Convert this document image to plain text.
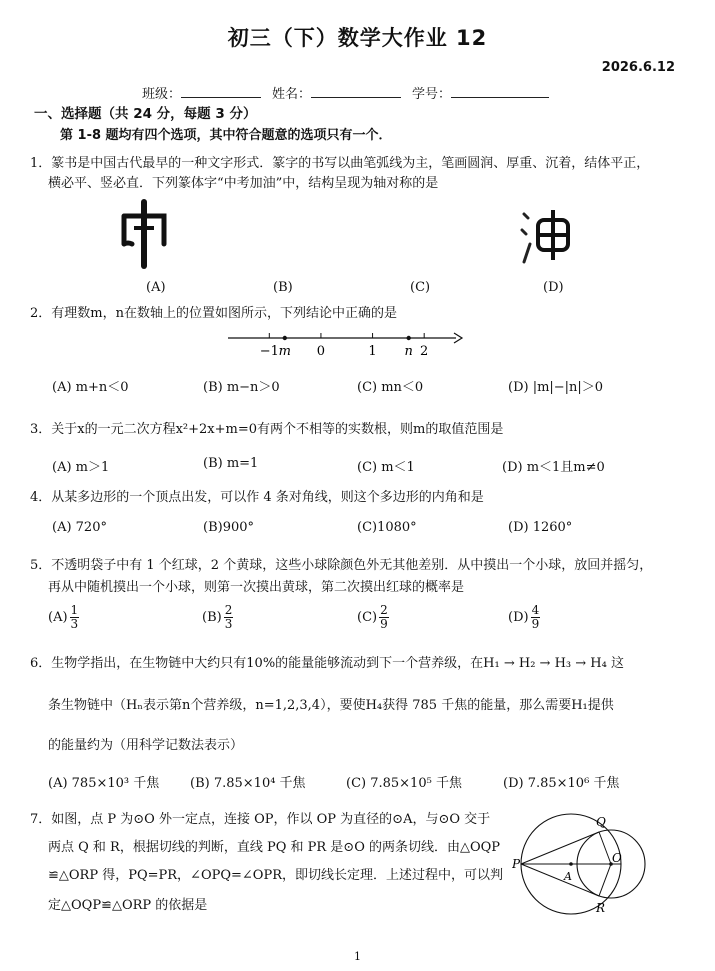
初三（下）数学大作业 12
2026.6.12
班级：	姓名：	学号：
一、选择题（共 24 分，每题 3 分）
第 1-8 题均有四个选项，其中符合题意的选项只有一个．
1．篆书是中国古代最早的一种文字形式．篆字的书写以曲笔弧线为主，笔画圆润、厚重、沉着，结体平正，
横必平、竖必直．下列篆体字“中考加油”中，结构呈现为轴对称的是
(A)	(B)	(C)	(D)
2．有理数m，n在数轴上的位置如图所示，下列结论中正确的是
−1	0	1	2
m	n
(A) m+n＜0	(B) m−n＞0	(C) mn＜0	(D) |m|−|n|＞0
3．关于x的一元二次方程x²+2x+m=0有两个不相等的实数根，则m的取值范围是
(A) m＞1	(B) m=1	(C) m＜1	(D) m＜1且m≠0
4．从某多边形的一个顶点出发，可以作 4 条对角线，则这个多边形的内角和是
(A) 720°	(B)900°	(C)1080°	(D) 1260°
5．不透明袋子中有 1 个红球，2 个黄球，这些小球除颜色外无其他差别．从中摸出一个小球，放回并摇匀，
再从中随机摸出一个小球，则第一次摸出黄球，第二次摸出红球的概率是
$(A) \frac{1}{3}$	$(B) \frac{2}{3}$	$(C) \frac{2}{9}$	$(D) \frac{4}{9}$
6．生物学指出，在生物链中大约只有10%的能量能够流动到下一个营养级，在H₁ → H₂ → H₃ → H₄ 这
条生物链中（Hₙ表示第n个营养级，n=1,2,3,4），要使H₄获得 785 千焦的能量，那么需要H₁提供
的能量约为（用科学记数法表示）
(A) 785×10³ 千焦 (B) 7.85×10⁴ 千焦	(C) 7.85×10⁵ 千焦	(D) 7.85×10⁶ 千焦
7．如图，点 P 为⊙O 外一定点，连接 OP，作以 OP 为直径的⊙A，与⊙O 交于
两点 Q 和 R，根据切线的判断，直线 PQ 和 PR 是⊙O 的两条切线．由△OQP
≌△ORP 得，PQ=PR，∠OPQ=∠OPR，即切线长定理．上述过程中，可以判
定△OQP≌△ORP 的依据是
P
Q
R
O
A
1
